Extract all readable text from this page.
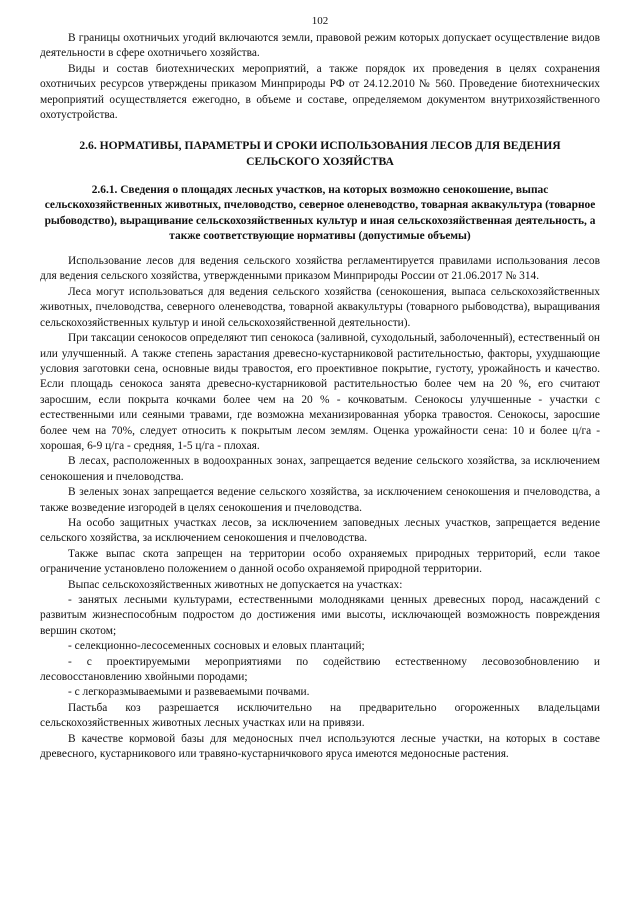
102

В границы охотничьих угодий включаются земли, правовой режим которых допускает осуществление видов деятельности в сфере охотничьего хозяйства.

Виды и состав биотехнических мероприятий, а также порядок их проведения в целях сохранения охотничьих ресурсов утверждены приказом Минприроды РФ от 24.12.2010 № 560. Проведение биотехнических мероприятий осуществляется ежегодно, в объеме и составе, определяемом документом внутрихозяйственного охотустройства.

2.6. НОРМАТИВЫ, ПАРАМЕТРЫ И СРОКИ ИСПОЛЬЗОВАНИЯ ЛЕСОВ ДЛЯ ВЕДЕНИЯ СЕЛЬСКОГО ХОЗЯЙСТВА
2.6.1. Сведения о площадях лесных участков, на которых возможно сенокошение, выпас сельскохозяйственных животных, пчеловодство, северное оленеводство, товарная аквакультура (товарное рыбоводство), выращивание сельскохозяйственных культур и иная сельскохозяйственная деятельность, а также соответствующие нормативы (допустимые объемы)

Использование лесов для ведения сельского хозяйства регламентируется правилами использования лесов для ведения сельского хозяйства, утвержденными приказом Минприроды России от 21.06.2017 № 314.

Леса могут использоваться для ведения сельского хозяйства (сенокошения, выпаса сельскохозяйственных животных, пчеловодства, северного оленеводства, товарной аквакультуры (товарного рыбоводства), выращивания сельскохозяйственных культур и иной сельскохозяйственной деятельности).

При таксации сенокосов определяют тип сенокоса (заливной, суходольный, заболоченный), естественный он или улучшенный. А также степень зарастания древесно-кустарниковой растительностью, факторы, ухудшающие условия заготовки сена, основные виды травостоя, его проективное покрытие, густоту, урожайность и качество. Если площадь сенокоса занята древесно-кустарниковой растительностью более чем на 20 %, его считают заросшим, если покрыта кочками более чем на 20 % - кочковатым. Сенокосы улучшенные - участки с естественными или сеяными травами, где возможна механизированная уборка травостоя. Сенокосы, заросшие более чем на 70%, следует относить к покрытым лесом землям. Оценка урожайности сена: 10 и более ц/га - хорошая, 6-9 ц/га - средняя, 1-5 ц/га - плохая.

В лесах, расположенных в водоохранных зонах, запрещается ведение сельского хозяйства, за исключением сенокошения и пчеловодства.

В зеленых зонах запрещается ведение сельского хозяйства, за исключением сенокошения и пчеловодства, а также возведение изгородей в целях сенокошения и пчеловодства.

На особо защитных участках лесов, за исключением заповедных лесных участков, запрещается ведение сельского хозяйства, за исключением сенокошения и пчеловодства.

Также выпас скота запрещен на территории особо охраняемых природных территорий, если такое ограничение установлено положением о данной особо охраняемой природной территории.

Выпас сельскохозяйственных животных не допускается на участках:

- занятых лесными культурами, естественными молодняками ценных древесных пород, насаждений с развитым жизнеспособным подростом до достижения ими высоты, исключающей возможность повреждения вершин скотом;

- селекционно-лесосеменных сосновых и еловых плантаций;

- с проектируемыми мероприятиями по содействию естественному лесовозобновлению и лесовосстановлению хвойными породами;

- с легкоразмываемыми и развеваемыми почвами.

Пастьба коз разрешается исключительно на предварительно огороженных владельцами сельскохозяйственных животных лесных участках или на привязи.

В качестве кормовой базы для медоносных пчел используются лесные участки, на которых в составе древесного, кустарникового или травяно-кустарничкового яруса имеются медоносные растения.
